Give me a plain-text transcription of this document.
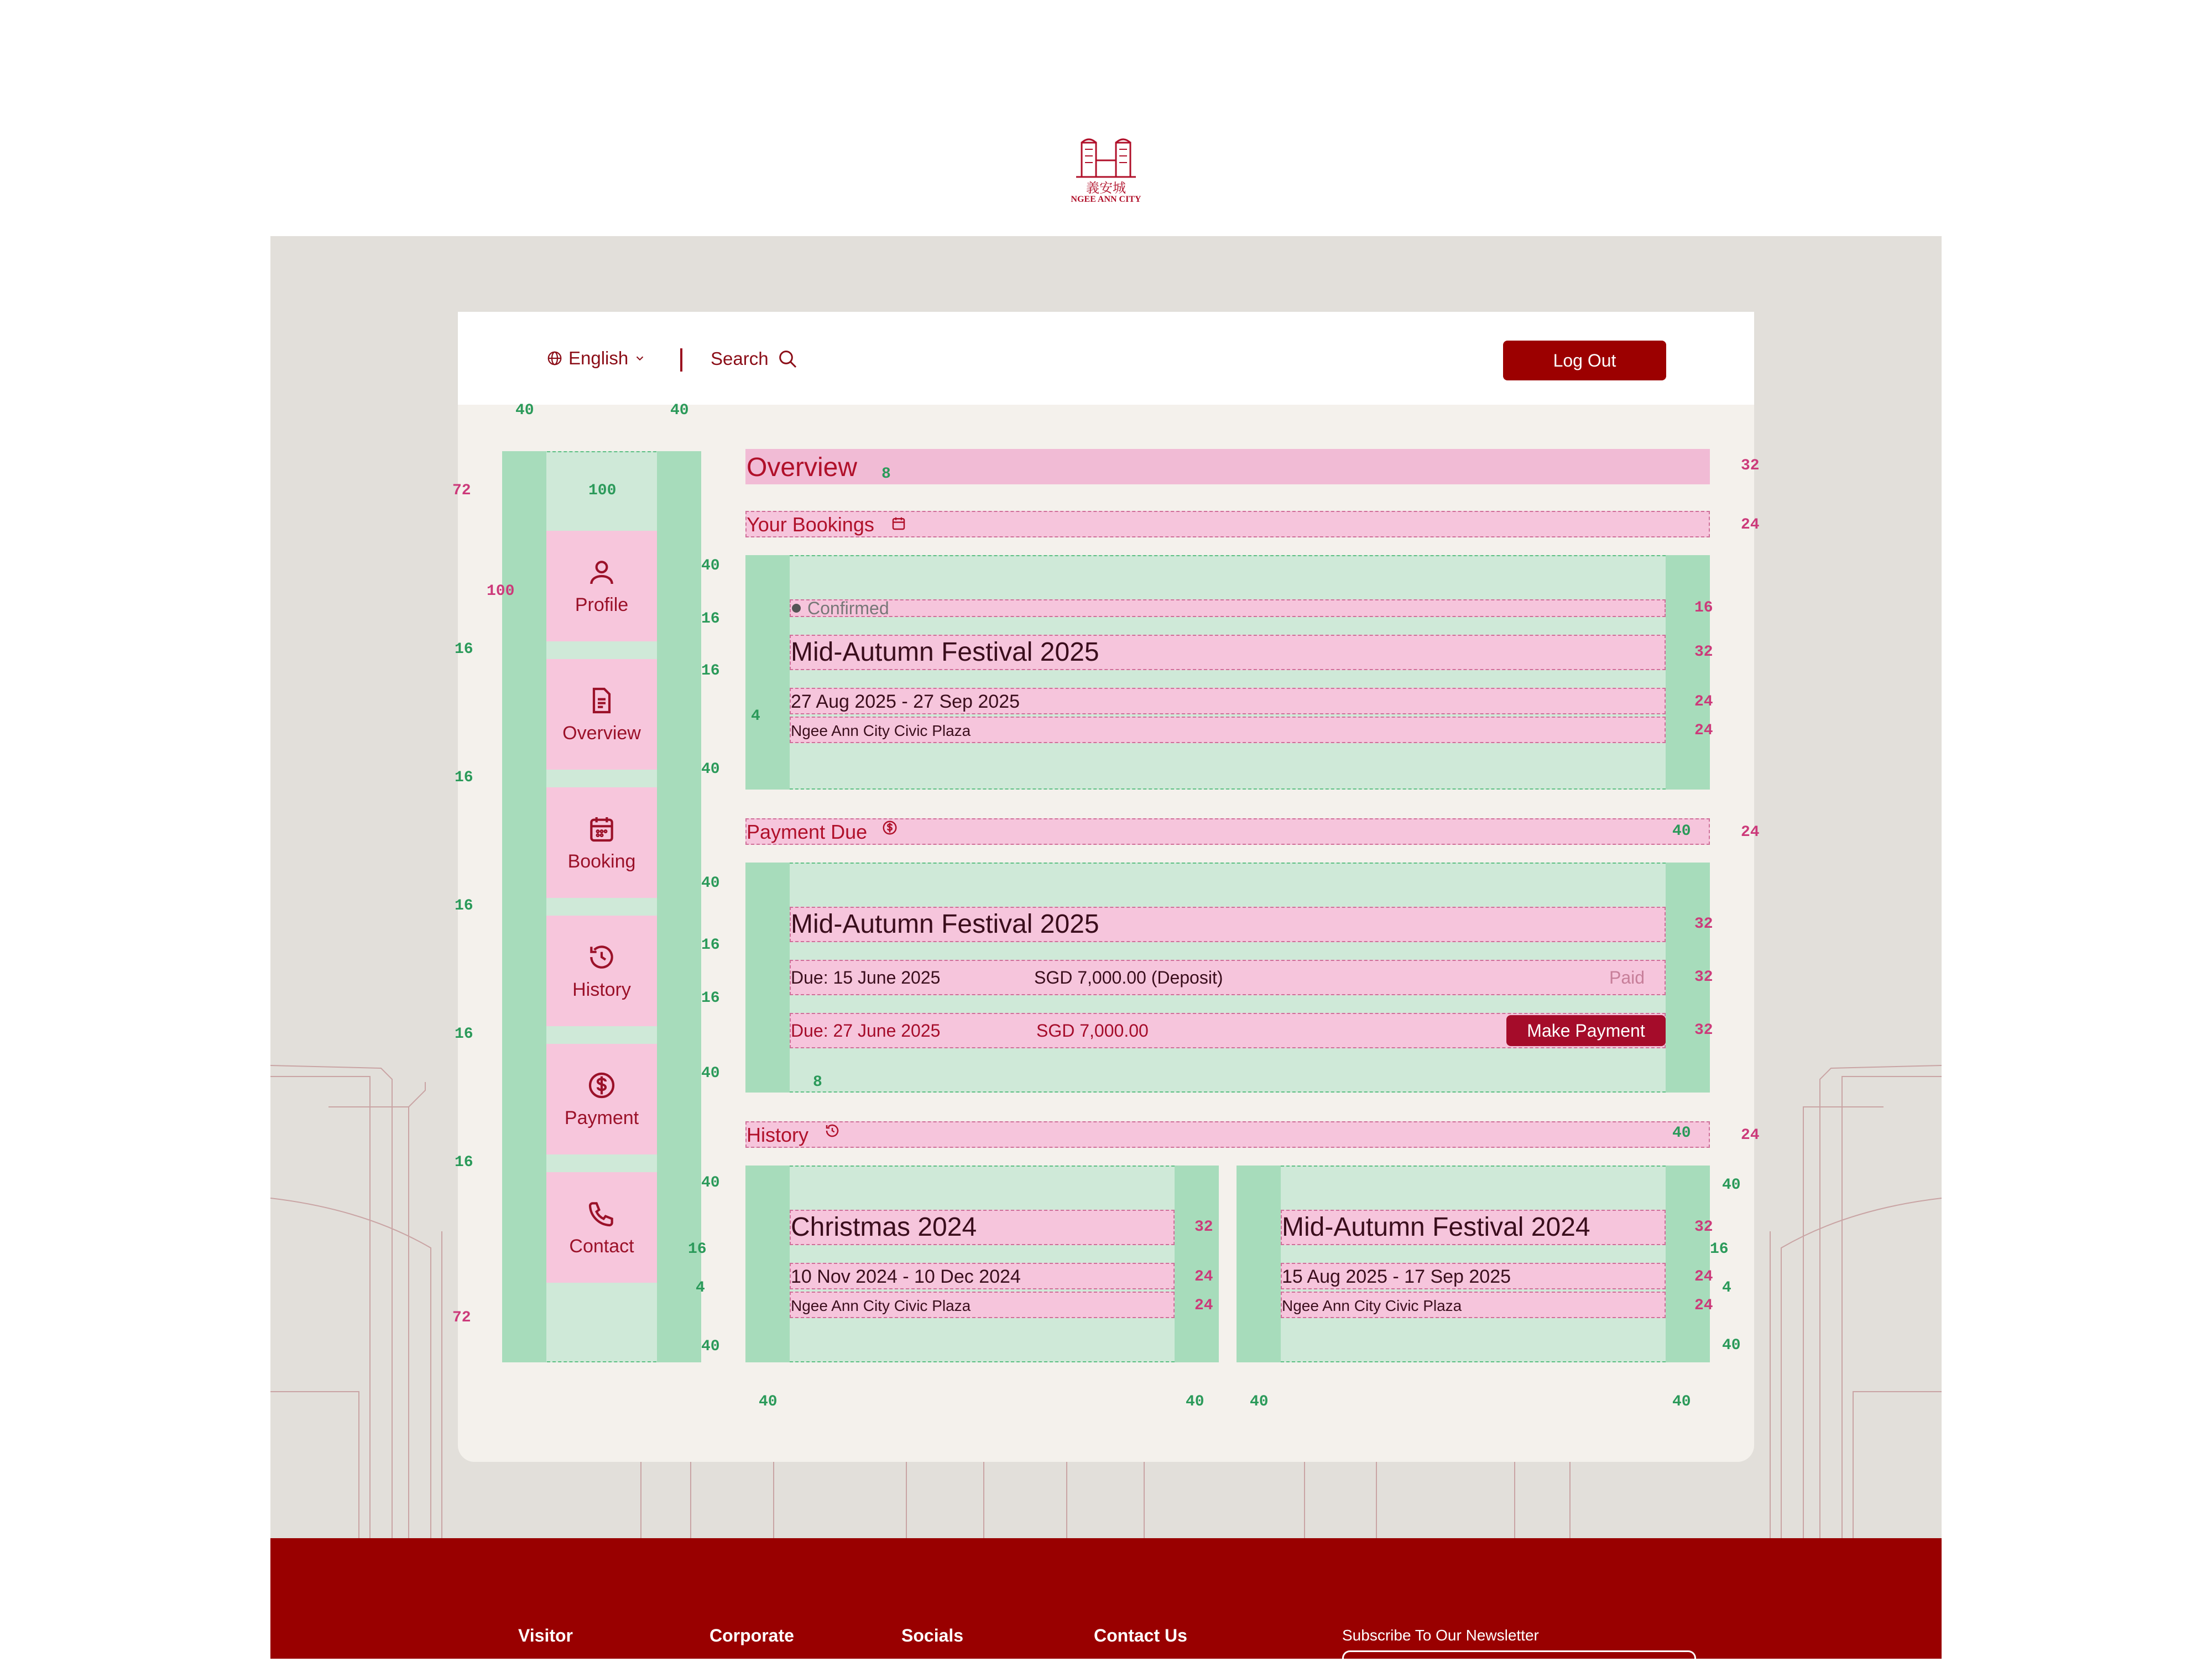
義安城
NGEE ANN CITY
Visitor	Corporate	Socials	Contact Us	Subscribe To Our Newsletter
English	Search	Log Out
Profile
Overview
Booking
History
Payment
Contact
40	40
100
100
72
72
16
16
16
16
16
Overview	32
8
Your Bookings	24
Confirmed
Mid-Autumn Festival 2025
27 Aug 2025 - 27 Sep 2025
Ngee Ann City Civic Plaza
40
16
16
4
40
16
32
24
24
Payment Due	24
40
Mid-Autumn Festival 2025
Due: 15 June 2025	SGD 7,000.00 (Deposit)	Paid
Due: 27 June 2025	SGD 7,000.00	Make Payment
40
16
16
40
32
32
32
8
History	24
40
Christmas 2024
10 Nov 2024 - 10 Dec 2024
Ngee Ann City Civic Plaza
Mid-Autumn Festival 2024
15 Aug 2025 - 17 Sep 2025
Ngee Ann City Civic Plaza
40
16
4
40
32
24
24
32
24
24
40
16
4
40
40	40	40	40
